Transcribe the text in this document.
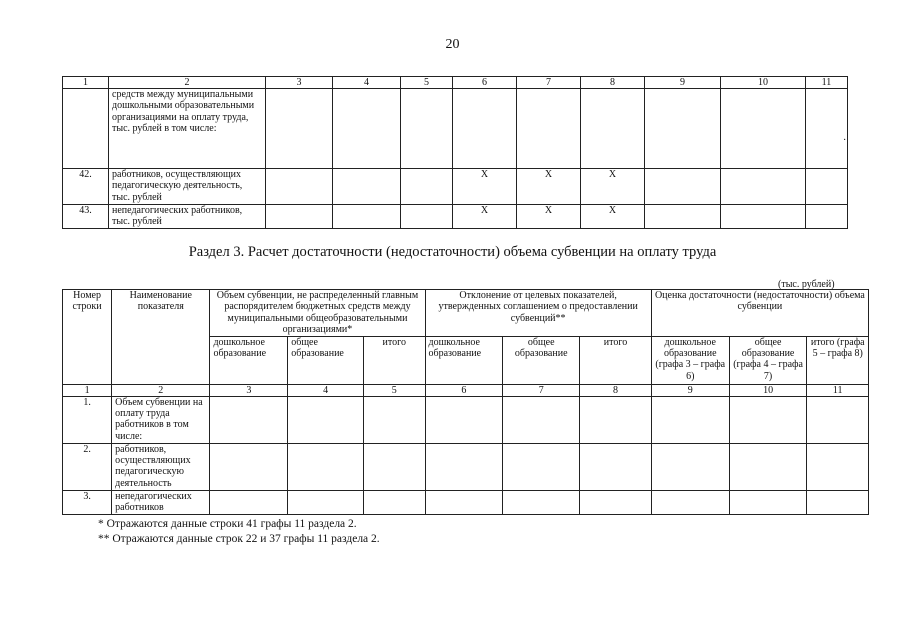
20
1	2	3	4	5	6	7	8	9	10	11
	средств между муниципальными дошкольными образовательными организациями на оплату труда, тыс. рублей в том числе:									
42.	работников, осуществляющих педагогическую деятельность, тыс. рублей				X	X	X			
43.	непедагогических работников, тыс. рублей				X	X	X			
·
Раздел 3. Расчет достаточности (недостаточности) объема субвенции на оплату труда
(тыс. рублей)
Номер строки	Наименование показателя	Объем субвенции, не распределенный главным распорядителем бюджетных средств между муниципальными общеобразовательными организациями*			Отклонение от целевых показателей, утвержденных соглашением о предоставлении субвенций**			Оценка достаточности (недостаточности) объема субвенции		
		дошкольное образование	общее образование	итого	дошкольное образование	общее образование	итого	дошкольное образование (графа 3 – графа 6)	общее образование (графа 4 – графа 7)	итого (графа 5 – графа 8)
1	2	3	4	5	6	7	8	9	10	11
1.	Объем субвенции на оплату труда работников в том числе:									
2.	работников, осуществляющих педагогическую деятельность									
3.	непедагогических работников									
* Отражаются данные строки 41 графы 11 раздела 2.
** Отражаются данные строк 22 и 37 графы 11 раздела 2.
